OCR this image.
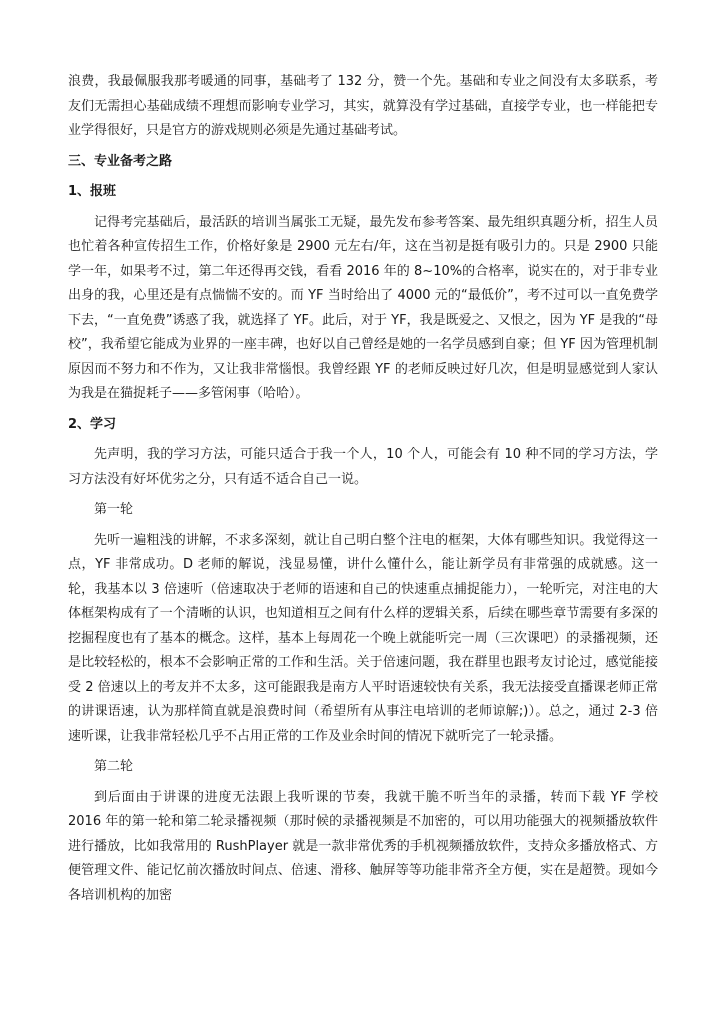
浪费，我最佩服我那考暖通的同事，基础考了 132 分，赞一个先。基础和专业之间没有太多联系，考友们无需担心基础成绩不理想而影响专业学习，其实，就算没有学过基础，直接学专业，也一样能把专业学得很好，只是官方的游戏规则必须是先通过基础考试。

三、专业备考之路

1、报班

记得考完基础后，最活跃的培训当属张工无疑，最先发布参考答案、最先组织真题分析，招生人员也忙着各种宣传招生工作，价格好象是 2900 元左右/年，这在当初是挺有吸引力的。只是 2900 只能学一年，如果考不过，第二年还得再交钱，看看 2016 年的 8~10%的合格率，说实在的，对于非专业出身的我，心里还是有点惴惴不安的。而 YF 当时给出了 4000 元的“最低价”，考不过可以一直免费学下去，“一直免费”诱惑了我，就选择了 YF。此后，对于 YF，我是既爱之、又恨之，因为 YF 是我的“母校”，我希望它能成为业界的一座丰碑，也好以自己曾经是她的一名学员感到自豪；但 YF 因为管理机制原因而不努力和不作为，又让我非常惱恨。我曾经跟 YF 的老师反映过好几次，但是明显感觉到人家认为我是在猫捉耗子——多管闲事（哈哈）。

2、学习

先声明，我的学习方法，可能只适合于我一个人，10 个人，可能会有 10 种不同的学习方法，学习方法没有好坏优劣之分，只有适不适合自己一说。

第一轮

先听一遍粗浅的讲解，不求多深刻，就让自己明白整个注电的框架，大体有哪些知识。我觉得这一点，YF 非常成功。D 老师的解说，浅显易懂，讲什么懂什么，能让新学员有非常强的成就感。这一轮，我基本以 3 倍速听（倍速取决于老师的语速和自己的快速重点捕捉能力），一轮听完，对注电的大体框架构成有了一个清晰的认识，也知道相互之间有什么样的逻辑关系，后续在哪些章节需要有多深的挖掘程度也有了基本的概念。这样，基本上每周花一个晚上就能听完一周（三次课吧）的录播视频，还是比较轻松的，根本不会影响正常的工作和生活。关于倍速问题，我在群里也跟考友讨论过，感觉能接受 2 倍速以上的考友并不太多，这可能跟我是南方人平时语速较快有关系，我无法接受直播课老师正常的讲课语速，认为那样简直就是浪费时间（希望所有从事注电培训的老师谅解;)）。总之，通过 2-3 倍速听课，让我非常轻松几乎不占用正常的工作及业余时间的情况下就听完了一轮录播。

第二轮

到后面由于讲课的进度无法跟上我听课的节奏，我就干脆不听当年的录播，转而下载 YF 学校 2016 年的第一轮和第二轮录播视频（那时候的录播视频是不加密的，可以用功能强大的视频播放软件进行播放，比如我常用的 RushPlayer 就是一款非常优秀的手机视频播放软件，支持众多播放格式、方便管理文件、能记忆前次播放时间点、倍速、滑移、触屏等等功能非常齐全方便，实在是超赞。现如今各培训机构的加密
